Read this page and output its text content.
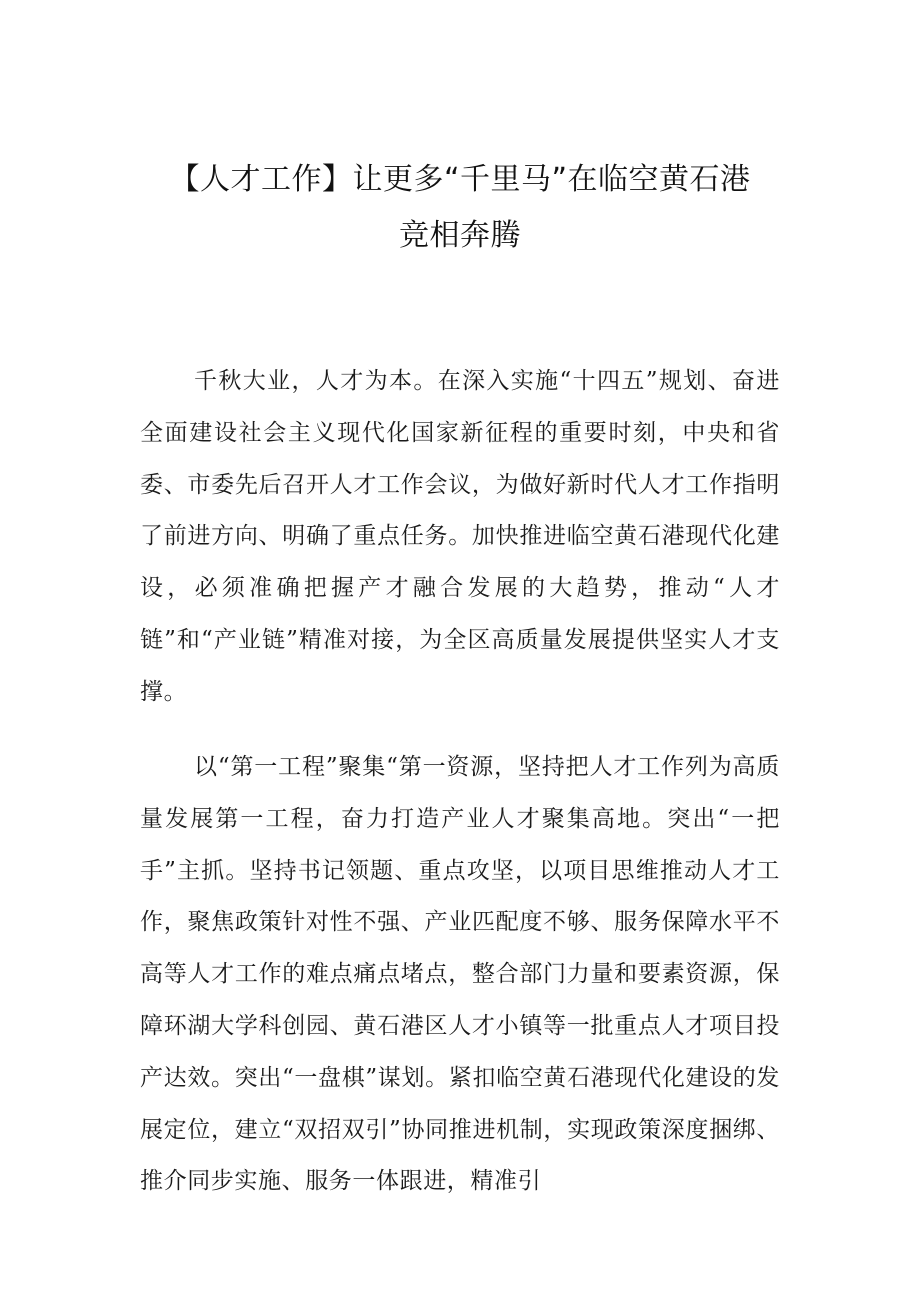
【人才工作】让更多“千里马”在临空黄石港
竞相奔腾

千秋大业，人才为本。在深入实施“十四五”规划、奋进全面建设社会主义现代化国家新征程的重要时刻，中央和省委、市委先后召开人才工作会议，为做好新时代人才工作指明了前进方向、明确了重点任务。加快推进临空黄石港现代化建设，必须准确把握产才融合发展的大趋势，推动“人才链”和“产业链”精准对接，为全区高质量发展提供坚实人才支撑。

以“第一工程”聚集“第一资源，坚持把人才工作列为高质量发展第一工程，奋力打造产业人才聚集高地。突出“一把手”主抓。坚持书记领题、重点攻坚，以项目思维推动人才工作，聚焦政策针对性不强、产业匹配度不够、服务保障水平不高等人才工作的难点痛点堵点，整合部门力量和要素资源，保障环湖大学科创园、黄石港区人才小镇等一批重点人才项目投产达效。突出“一盘棋”谋划。紧扣临空黄石港现代化建设的发展定位，建立“双招双引”协同推进机制，实现政策深度捆绑、推介同步实施、服务一体跟进，精准引
